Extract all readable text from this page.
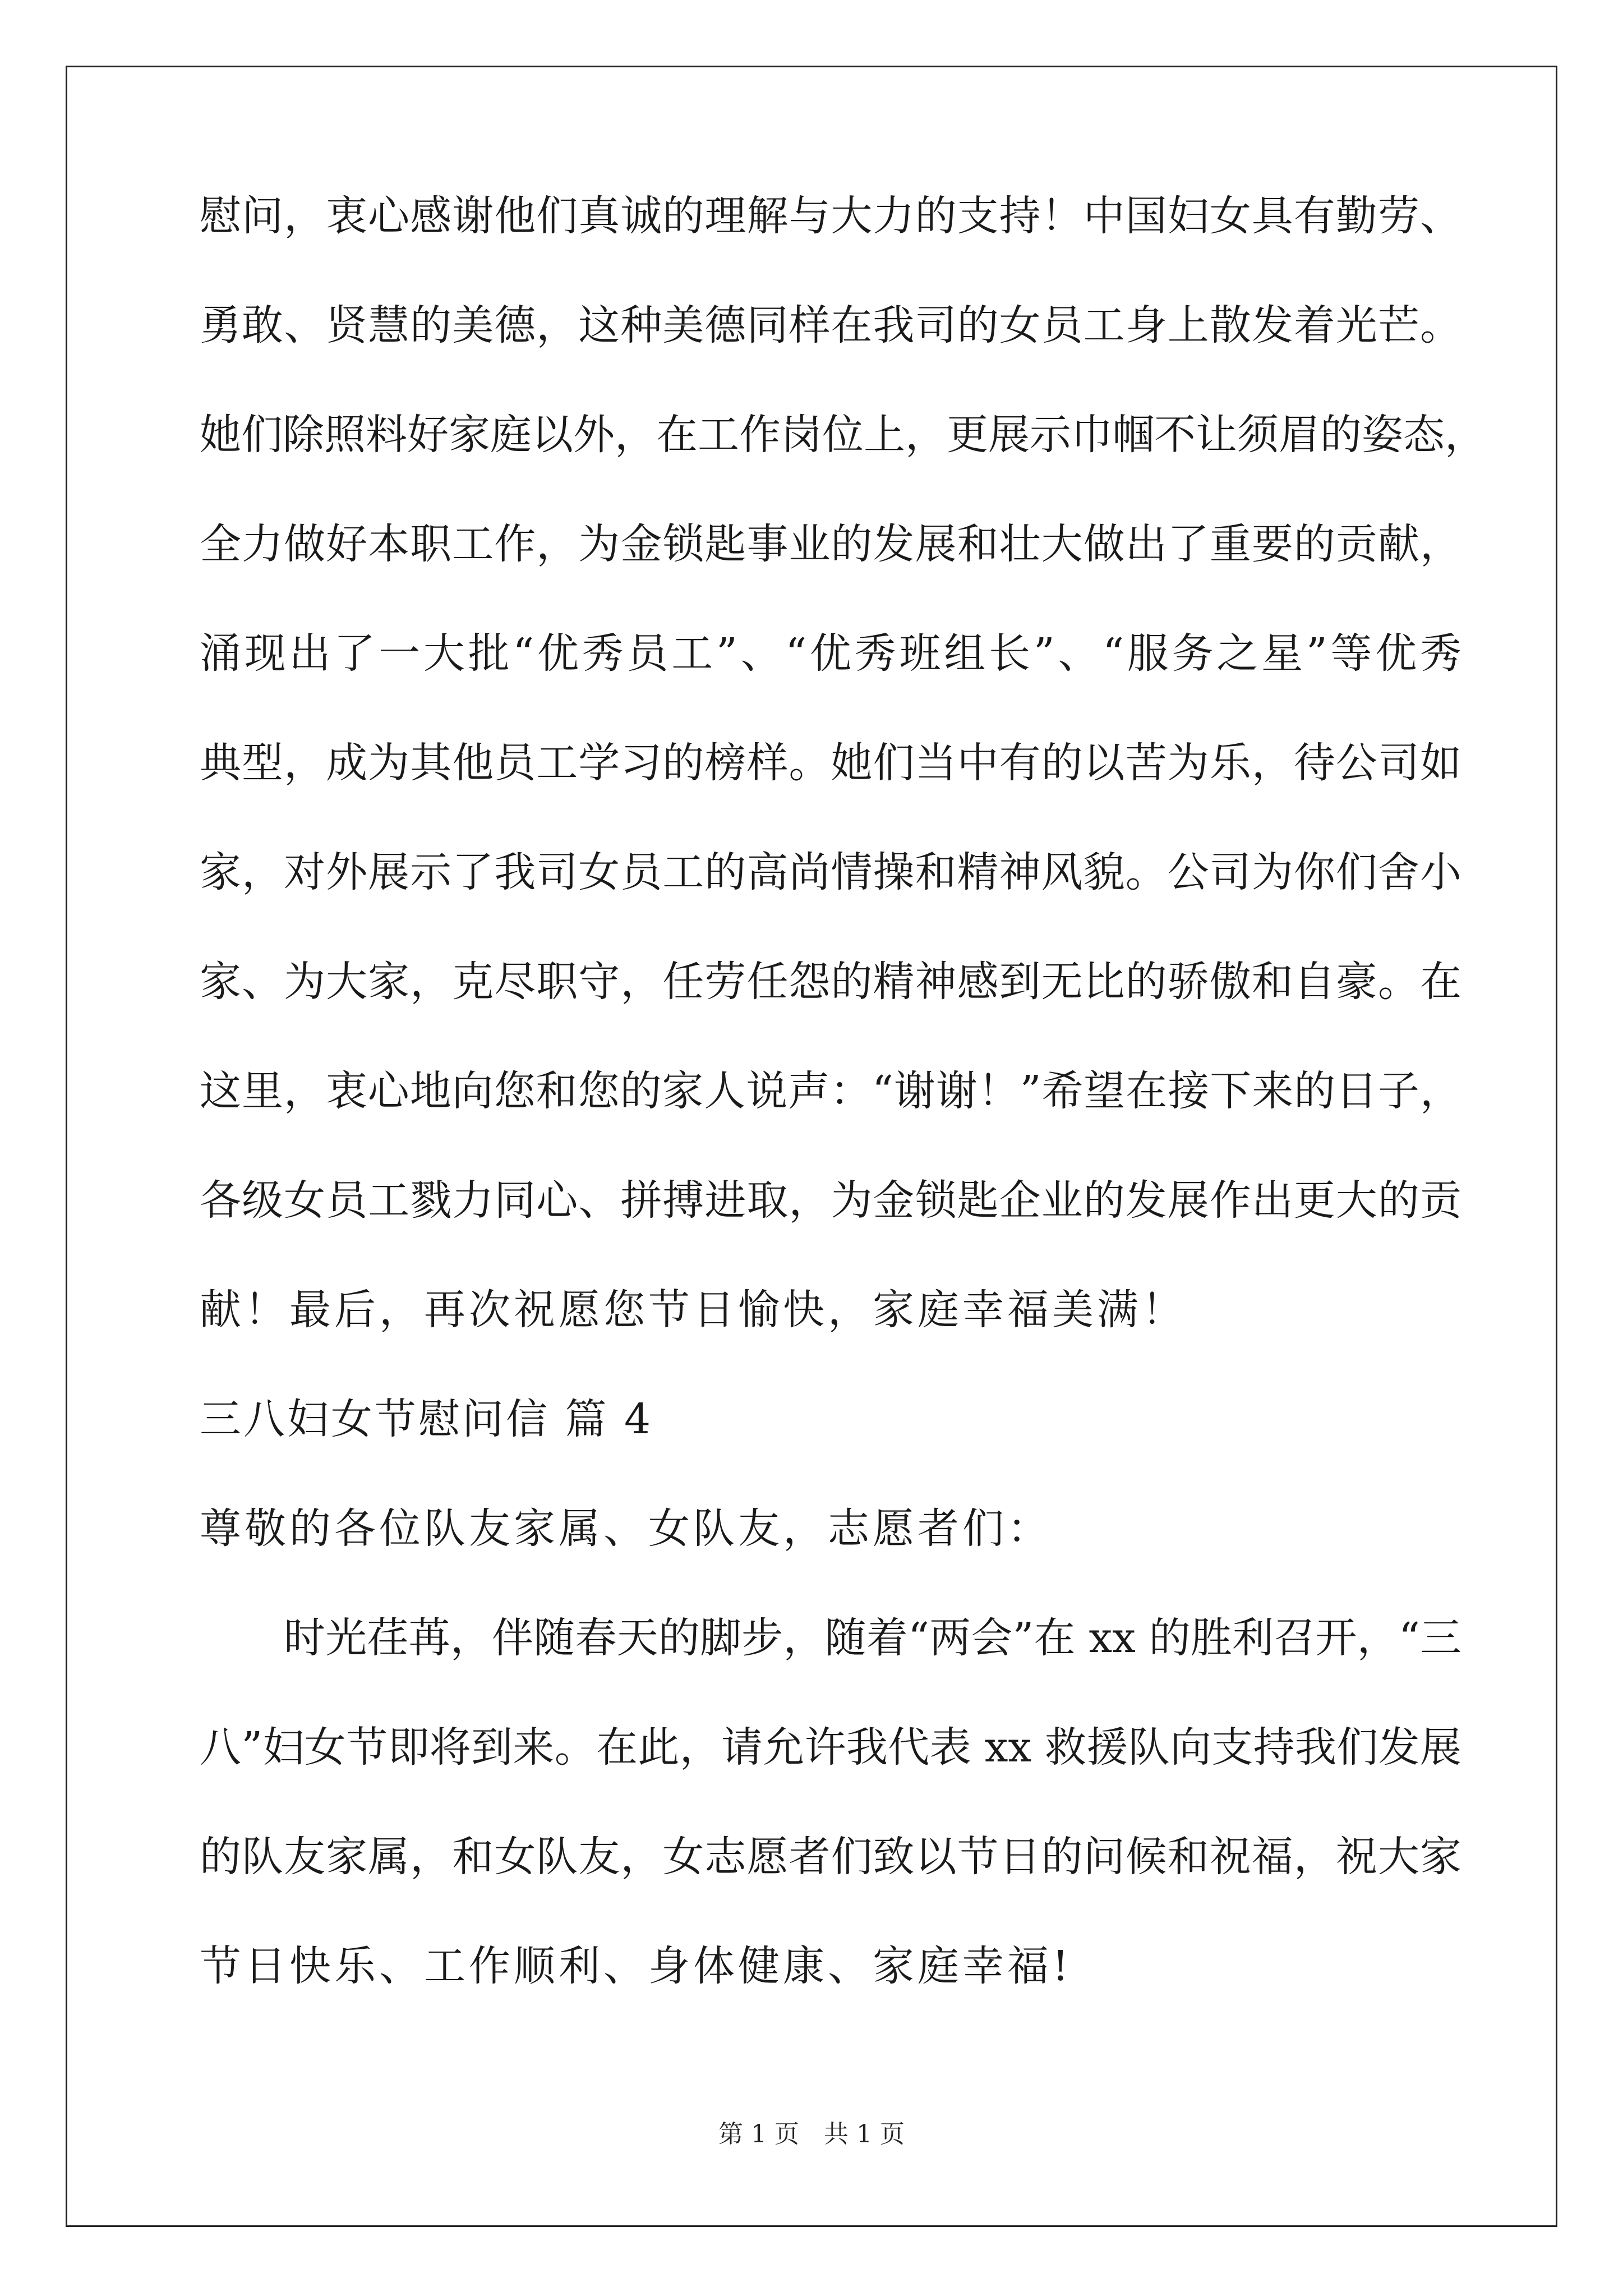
慰问，衷心感谢他们真诚的理解与大力的支持！中国妇女具有勤劳、
勇敢、贤慧的美德，这种美德同样在我司的女员工身上散发着光芒。
她们除照料好家庭以外，在工作岗位上，更展示巾帼不让须眉的姿态，
全力做好本职工作，为金锁匙事业的发展和壮大做出了重要的贡献，
涌现出了一大批“优秀员工”、“优秀班组长”、“服务之星”等优秀
典型，成为其他员工学习的榜样。她们当中有的以苦为乐，待公司如
家，对外展示了我司女员工的高尚情操和精神风貌。公司为你们舍小
家、为大家，克尽职守，任劳任怨的精神感到无比的骄傲和自豪。在
这里，衷心地向您和您的家人说声：“谢谢！”希望在接下来的日子，
各级女员工戮力同心、拼搏进取，为金锁匙企业的发展作出更大的贡
献！最后，再次祝愿您节日愉快，家庭幸福美满！
三八妇女节慰问信 篇 4
尊敬的各位队友家属、女队友，志愿者们：
时光荏苒，伴随春天的脚步，随着“两会”在 xx 的胜利召开，“三
八”妇女节即将到来。在此，请允许我代表 xx 救援队向支持我们发展
的队友家属，和女队友，女志愿者们致以节日的问候和祝福，祝大家
节日快乐、工作顺利、身体健康、家庭幸福!
第 1 页　共 1 页
